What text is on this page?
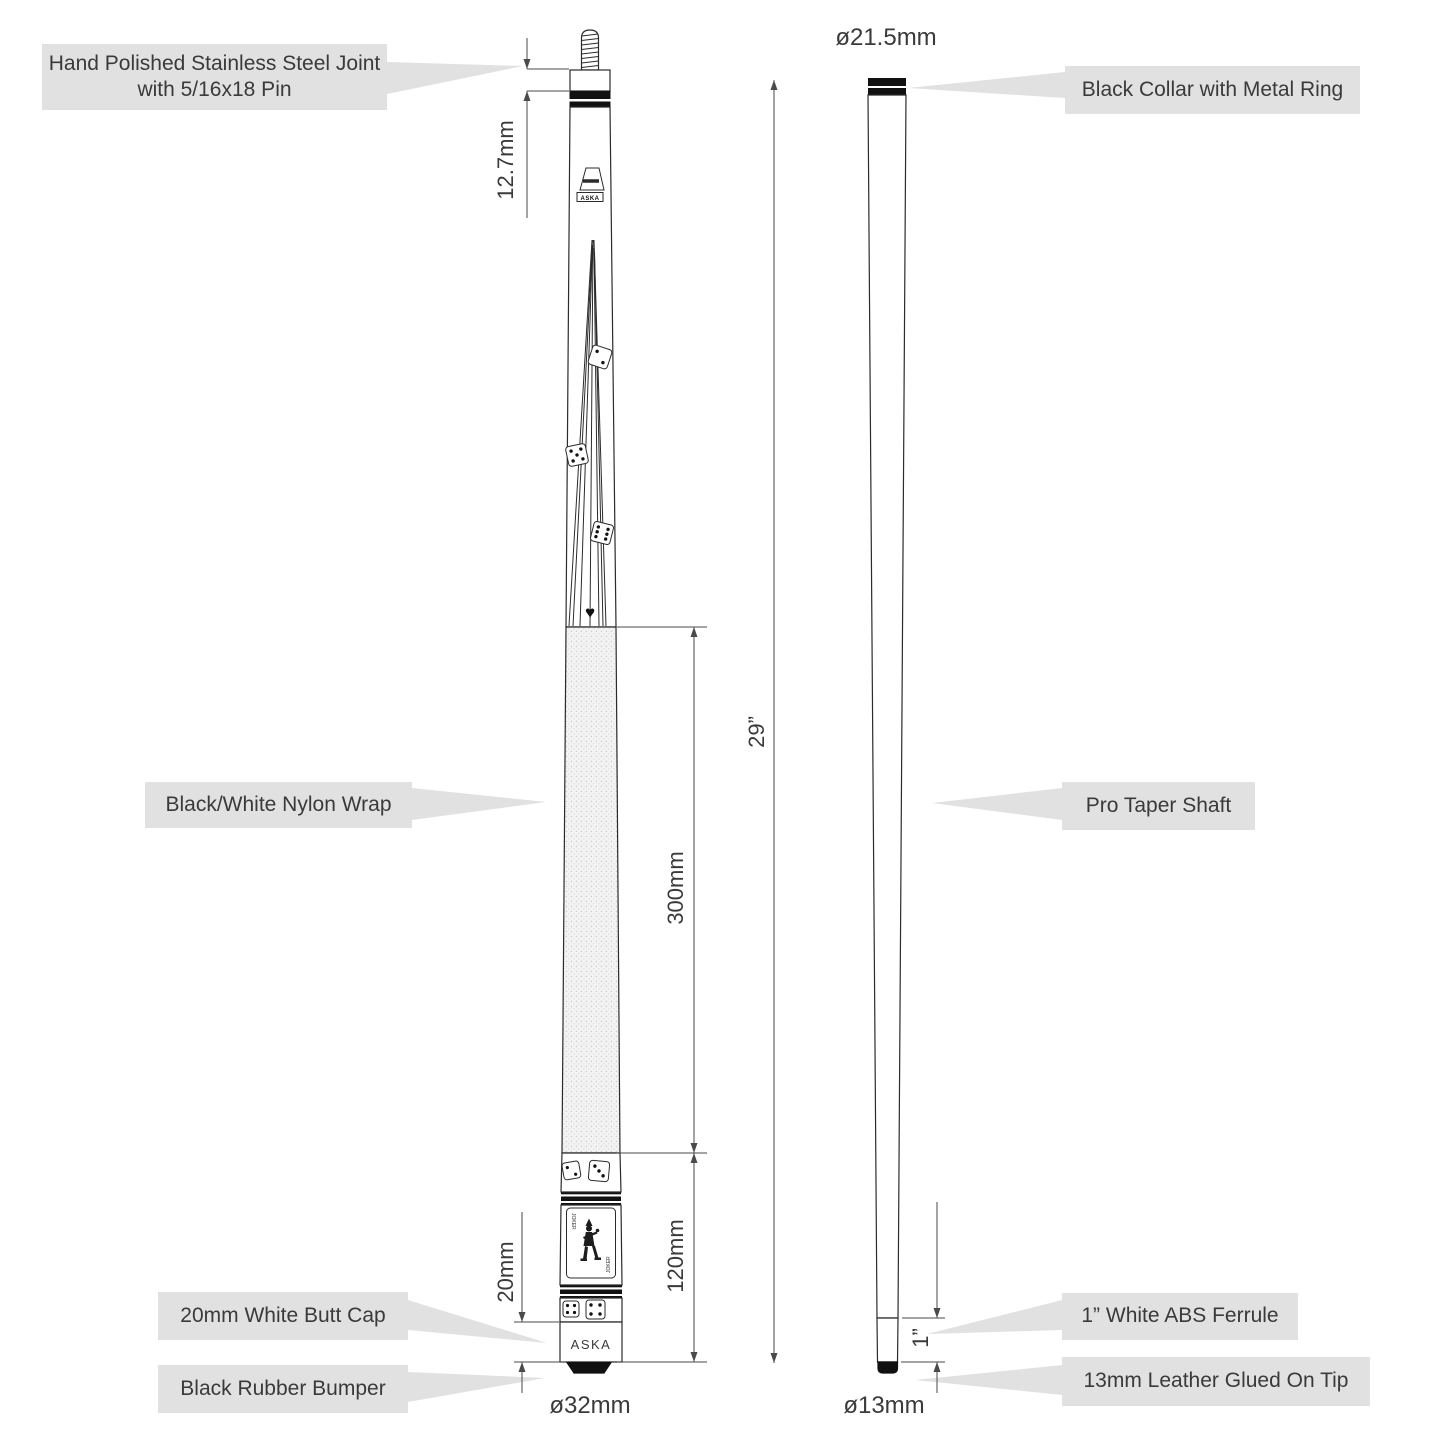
ASKA
♥
JOKER
JOKER
ASKA
Hand Polished Stainless Steel Joint
with 5/16x18 Pin	Black Collar with Metal Ring
Black/White Nylon Wrap	Pro Taper Shaft
20mm White Butt Cap
Black Rubber Bumper
1” White ABS Ferrule
13mm Leather Glued On Tip
12.7mm
29”
300mm
120mm
20mm
1”
ø21.5mm
ø32mm	ø13mm
